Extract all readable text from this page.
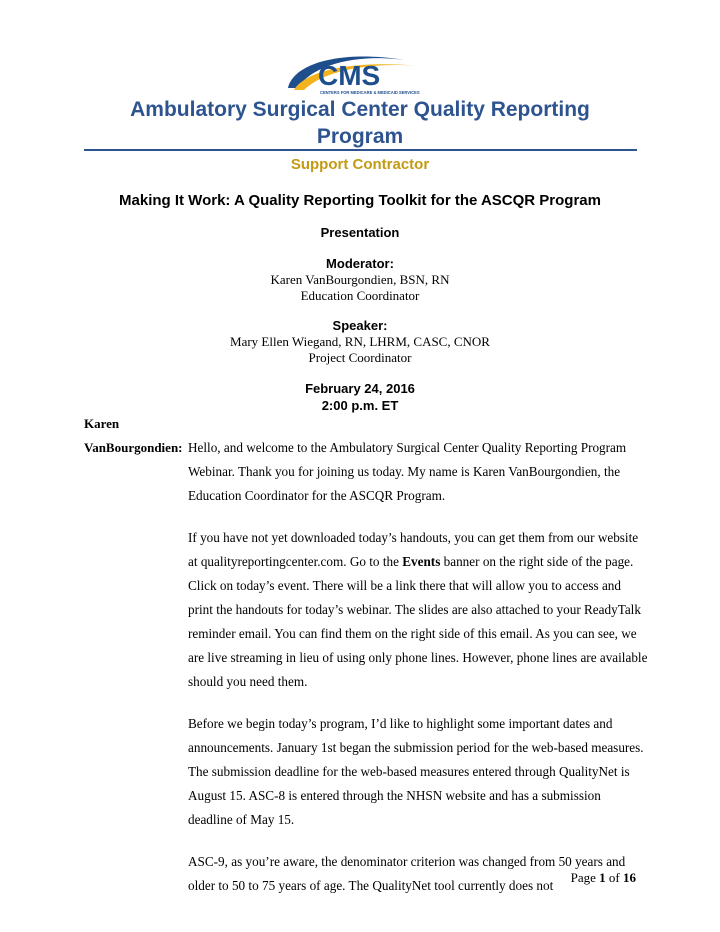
CMS
CENTERS FOR MEDICARE & MEDICAID SERVICES
Ambulatory Surgical Center Quality Reporting
Program
Support Contractor
Making It Work: A Quality Reporting Toolkit for the ASCQR Program
Presentation
Moderator:
Karen VanBourgondien, BSN, RN
Education Coordinator
Speaker:
Mary Ellen Wiegand, RN, LHRM, CASC, CNOR
Project Coordinator
February 24, 2016
2:00 p.m. ET
Karen
VanBourgondien: Hello, and welcome to the Ambulatory Surgical Center Quality Reporting Program Webinar. Thank you for joining us today. My name is Karen VanBourgondien, the Education Coordinator for the ASCQR Program.

If you have not yet downloaded today’s handouts, you can get them from our website at qualityreportingcenter.com. Go to the Events banner on the right side of the page. Click on today’s event. There will be a link there that will allow you to access and print the handouts for today’s webinar. The slides are also attached to your ReadyTalk reminder email. You can find them on the right side of this email. As you can see, we are live streaming in lieu of using only phone lines. However, phone lines are available should you need them.

Before we begin today’s program, I’d like to highlight some important dates and announcements. January 1st began the submission period for the web-based measures. The submission deadline for the web-based measures entered through QualityNet is August 15. ASC-8 is entered through the NHSN website and has a submission deadline of May 15.

ASC-9, as you’re aware, the denominator criterion was changed from 50 years and older to 50 to 75 years of age. The QualityNet tool currently does not

Page 1 of 16
